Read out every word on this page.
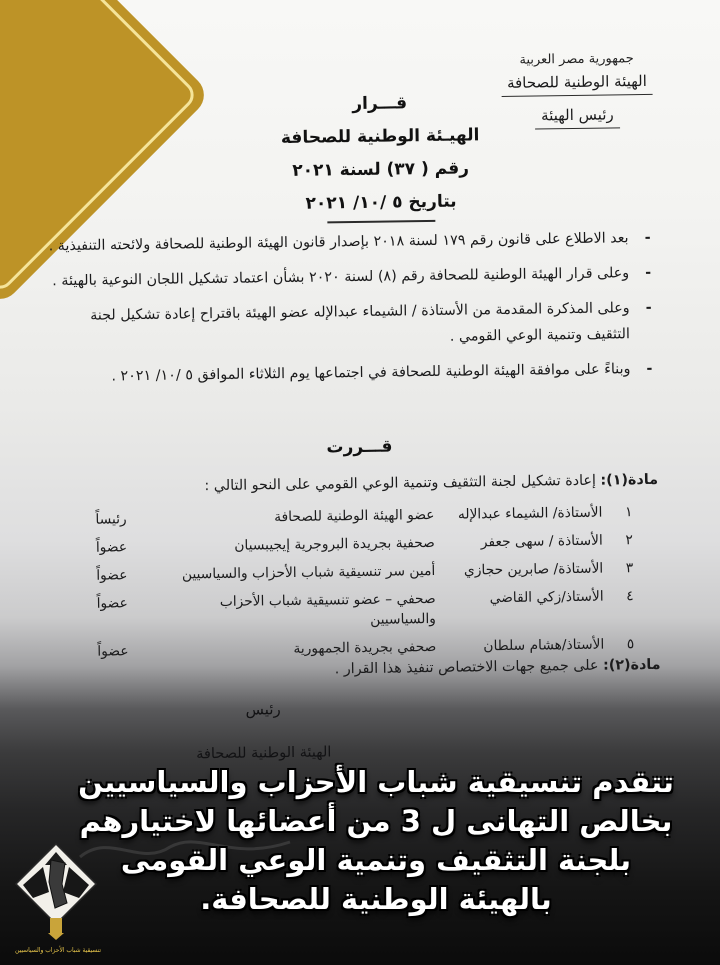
جمهورية مصر العربية
الهيئة الوطنية للصحافة
رئيس الهيئة
قـــرار
الهيـئة الوطنية للصحافة
رقم ( ٣٧) لسنة ٢٠٢١
بتاريخ ٥ /١٠/ ٢٠٢١
- بعد الاطلاع على قانون رقم ١٧٩ لسنة ٢٠١٨ بإصدار قانون الهيئة الوطنية للصحافة ولائحته التنفيذية .
- وعلى قرار الهيئة الوطنية للصحافة رقم (٨) لسنة ٢٠٢٠ بشأن اعتماد تشكيل اللجان النوعية بالهيئة .
- وعلى المذكرة المقدمة من الأستاذة / الشيماء عبدالإله عضو الهيئة باقتراح إعادة تشكيل لجنة التثقيف وتنمية الوعي القومي .
- وبناءً على موافقة الهيئة الوطنية للصحافة في اجتماعها يوم الثلاثاء الموافق ٥ /١٠/ ٢٠٢١ .
قـــررت
مادة(١): إعادة تشكيل لجنة التثقيف وتنمية الوعي القومي على النحو التالي :
١
الأستاذة/ الشيماء عبدالإله
عضو الهيئة الوطنية للصحافة
رئيساً
٢
الأستاذة / سهى جعفر
صحفية بجريدة البروجرية إيجيبسيان
عضواً
٣
الأستاذة/ صابرين حجازي
أمين سر تنسيقية شباب الأحزاب والسياسيين
عضواً
٤
الأستاذ/زكي القاضي
صحفي – عضو تنسيقية شباب الأحزاب والسياسيين
عضواً
٥
الأستاذ/هشام سلطان
صحفي بجريدة الجمهورية
عضواً
مادة(٢): على جميع جهات الاختصاص تنفيذ هذا القرار .
رئيس
الهيئة الوطنية للصحافة
تتقدم تنسيقية شباب الأحزاب والسياسيين
بخالص التهانى ل 3 من أعضائها لاختيارهم
بلجنة التثقيف وتنمية الوعي القومى
بالهيئة الوطنية للصحافة.
تنسيقية شباب الأحزاب والسياسيين
